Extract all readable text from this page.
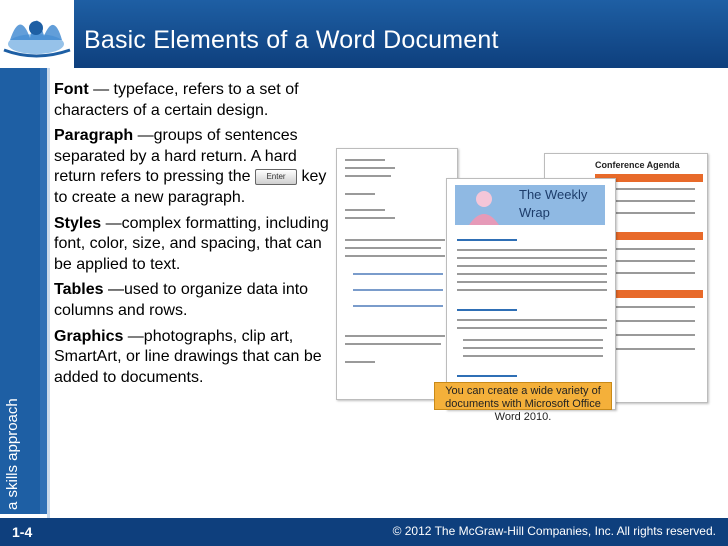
Basic Elements of a Word Document
a skills approach

Font — typeface, refers to a set of characters of a certain design.

Paragraph —groups of sentences separated by a hard return. A hard return refers to pressing the Enter key to create a new paragraph.

Styles —complex formatting, including font, color, size, and spacing, that can be applied to text.

Tables —used to organize data into columns and rows.

Graphics —photographs, clip art, SmartArt, or line drawings that can be added to documents.

Conference Agenda
The Weekly
Wrap
You can create a wide variety of documents with Microsoft Office Word 2010.
1-4	© 2012 The McGraw-Hill Companies, Inc. All rights reserved.
